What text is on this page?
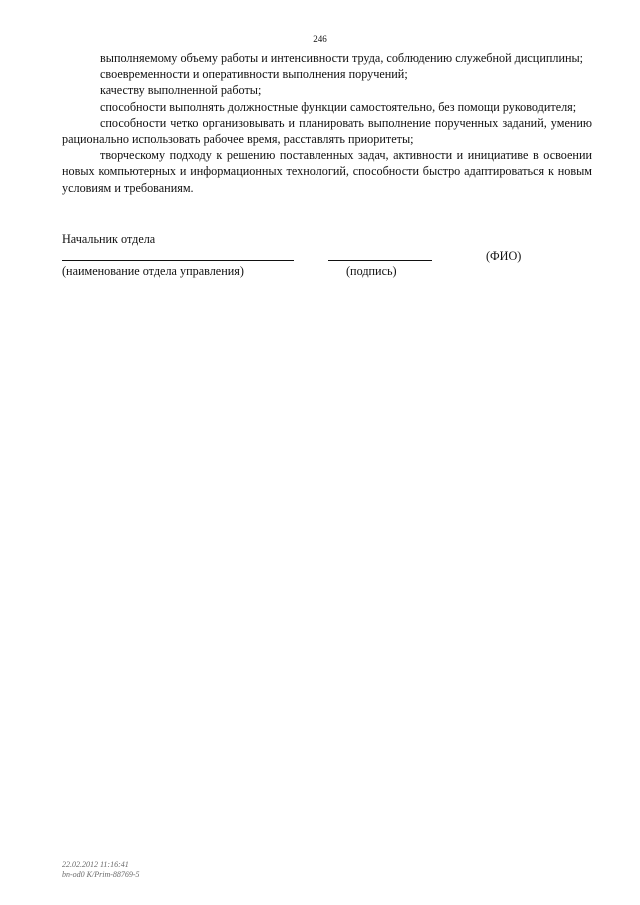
246

выполняемому объему работы и интенсивности труда, соблюдению служебной дисциплины;

своевременности и оперативности выполнения поручений;

качеству выполненной работы;

способности выполнять должностные функции самостоятельно, без помощи руководителя;

способности четко организовывать и планировать выполнение порученных заданий, умению рационально использовать рабочее время, расставлять приоритеты;

творческому подходу к решению поставленных задач, активности и инициативе в освоении новых компьютерных и информационных технологий, способности быстро адаптироваться к новым условиям и требованиям.

Начальник отдела
(ФИО)
(наименование отдела управления)	(подпись)
22.02.2012 11:16:41
bn-od0 K/Prim-88769-5
